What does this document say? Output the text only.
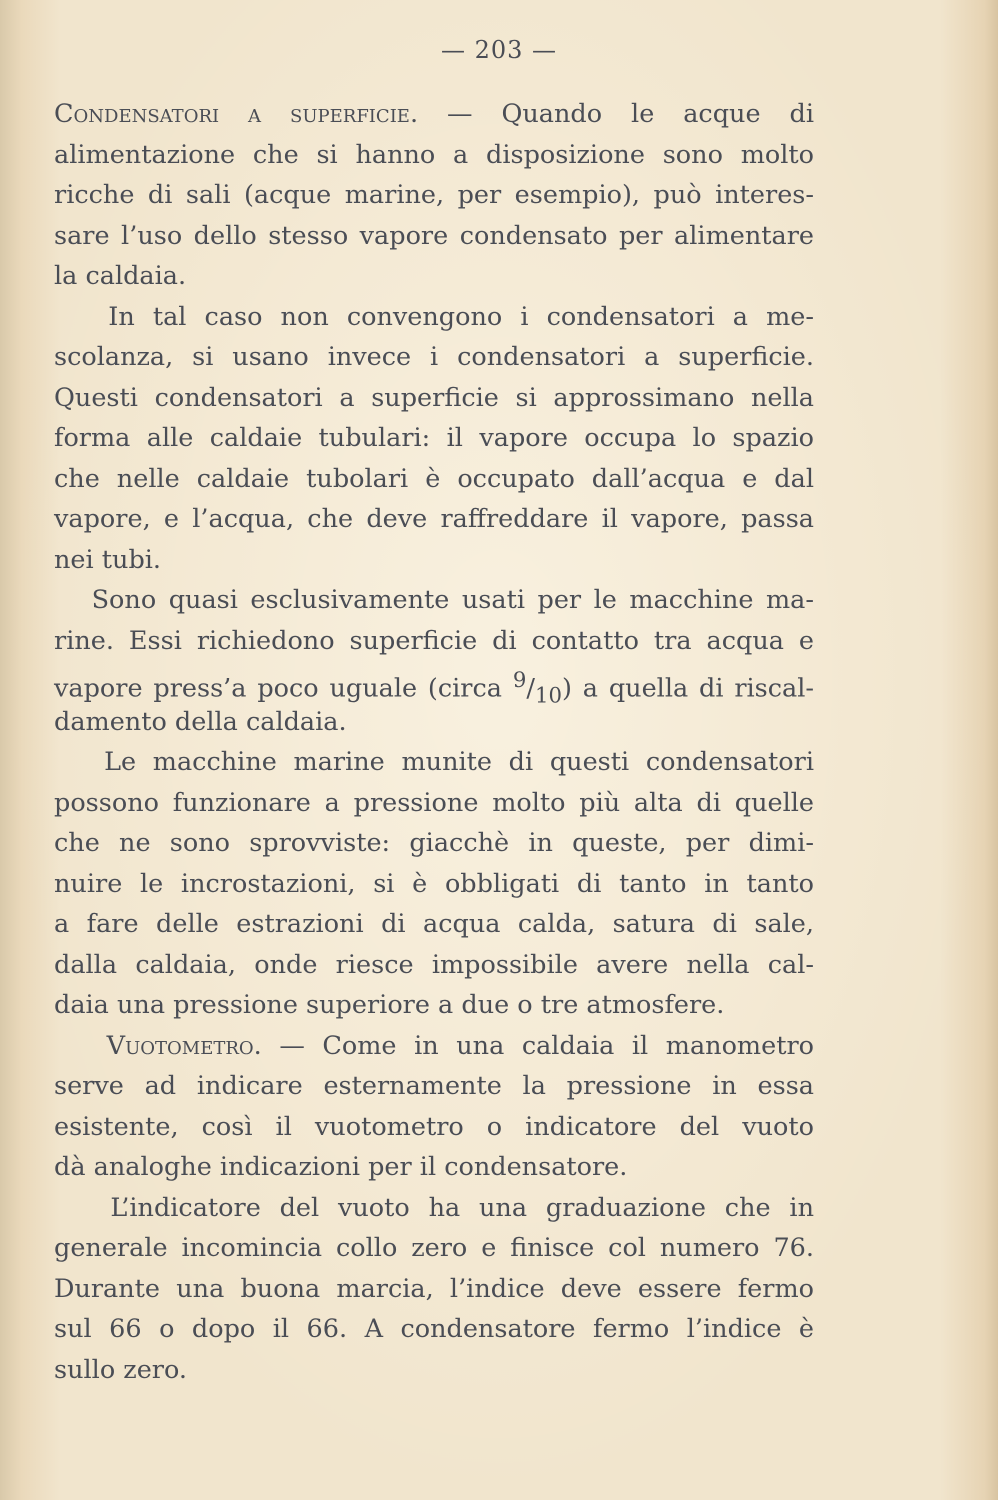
— 203 —
Condensatori a superficie. — Quando le acque di
alimentazione che si hanno a disposizione sono molto
ricche di sali (acque marine, per esempio), può interes-
sare l’uso dello stesso vapore condensato per alimentare
la caldaia.
In tal caso non convengono i condensatori a me-
scolanza, si usano invece i condensatori a superficie.
Questi condensatori a superficie si approssimano nella
forma alle caldaie tubulari: il vapore occupa lo spazio
che nelle caldaie tubolari è occupato dall’acqua e dal
vapore, e l’acqua, che deve raffreddare il vapore, passa
nei tubi.
Sono quasi esclusivamente usati per le macchine ma-
rine. Essi richiedono superficie di contatto tra acqua e
vapore press’a poco uguale (circa $^9/_{10}$) a quella di riscal-
damento della caldaia.
Le macchine marine munite di questi condensatori
possono funzionare a pressione molto più alta di quelle
che ne sono sprovviste: giacchè in queste, per dimi-
nuire le incrostazioni, si è obbligati di tanto in tanto
a fare delle estrazioni di acqua calda, satura di sale,
dalla caldaia, onde riesce impossibile avere nella cal-
daia una pressione superiore a due o tre atmosfere.
Vuotometro. — Come in una caldaia il manometro
serve ad indicare esternamente la pressione in essa
esistente, così il vuotometro o indicatore del vuoto
dà analoghe indicazioni per il condensatore.
L’indicatore del vuoto ha una graduazione che in
generale incomincia collo zero e finisce col numero 76.
Durante una buona marcia, l’indice deve essere fermo
sul 66 o dopo il 66. A condensatore fermo l’indice è
sullo zero.
